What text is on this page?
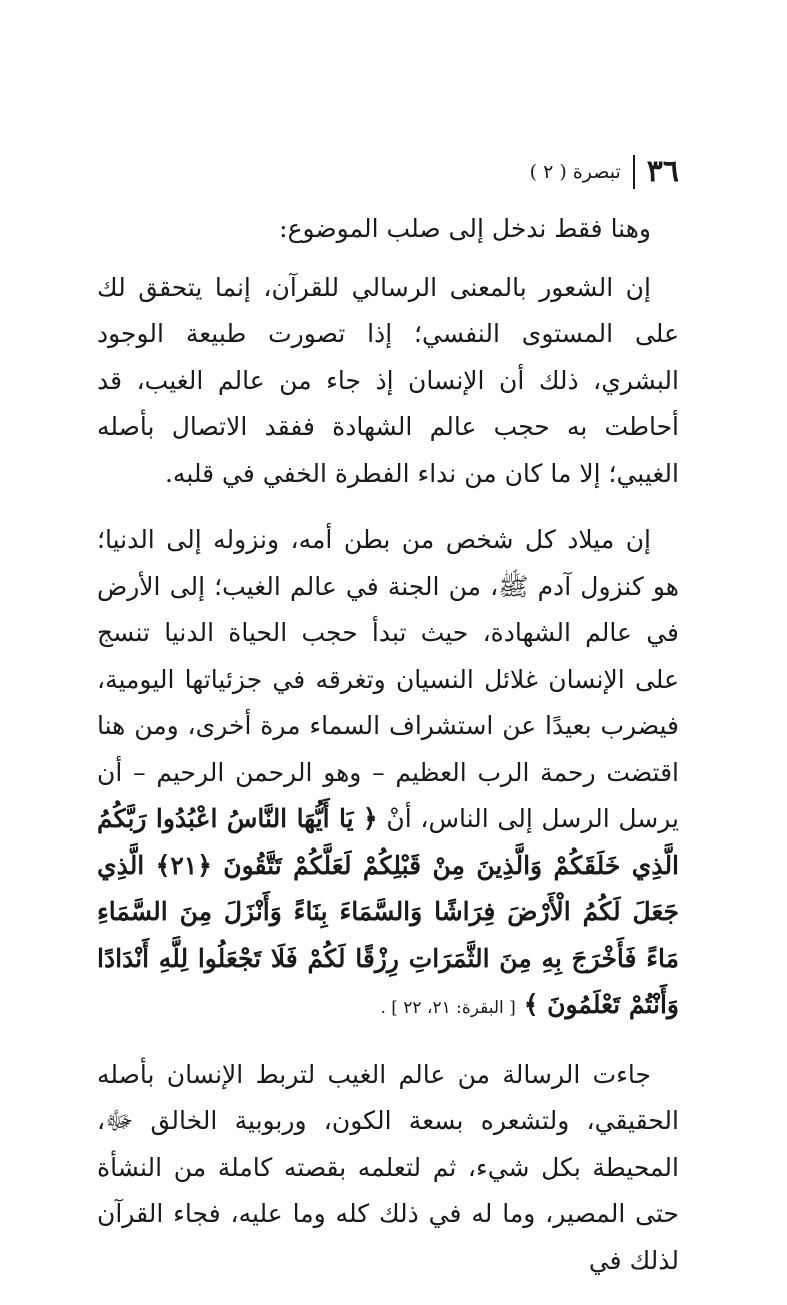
٣٦
تبصرة ( ٢ )

وهنا فقط ندخل إلى صلب الموضوع:

إن الشعور بالمعنى الرسالي للقرآن، إنما يتحقق لك على المستوى النفسي؛ إذا تصورت طبيعة الوجود البشري، ذلك أن الإنسان إذ جاء من عالم الغيب، قد أحاطت به حجب عالم الشهادة ففقد الاتصال بأصله الغيبي؛ إلا ما كان من نداء الفطرة الخفي في قلبه.

إن ميلاد كل شخص من بطن أمه، ونزوله إلى الدنيا؛ هو كنزول آدم ﷺ، من الجنة في عالم الغيب؛ إلى الأرض في عالم الشهادة، حيث تبدأ حجب الحياة الدنيا تنسج على الإنسان غلائل النسيان وتغرقه في جزئياتها اليومية، فيضرب بعيدًا عن استشراف السماء مرة أخرى، ومن هنا اقتضت رحمة الرب العظيم – وهو الرحمن الرحيم – أن يرسل الرسل إلى الناس، أنْ ﴿ يَا أَيُّهَا النَّاسُ اعْبُدُوا رَبَّكُمُ الَّذِي خَلَقَكُمْ وَالَّذِينَ مِنْ قَبْلِكُمْ لَعَلَّكُمْ تَتَّقُونَ ﴿٢١﴾ الَّذِي جَعَلَ لَكُمُ الْأَرْضَ فِرَاشًا وَالسَّمَاءَ بِنَاءً وَأَنْزَلَ مِنَ السَّمَاءِ مَاءً فَأَخْرَجَ بِهِ مِنَ الثَّمَرَاتِ رِزْقًا لَكُمْ فَلَا تَجْعَلُوا لِلَّهِ أَنْدَادًا وَأَنْتُمْ تَعْلَمُونَ ﴾ [ البقرة: ٢١، ٢٢ ] .

جاءت الرسالة من عالم الغيب لتربط الإنسان بأصله الحقيقي، ولتشعره بسعة الكون، وربوبية الخالق ﷻ، المحيطة بكل شيء، ثم لتعلمه بقصته كاملة من النشأة حتى المصير، وما له في ذلك كله وما عليه، فجاء القرآن لذلك في
